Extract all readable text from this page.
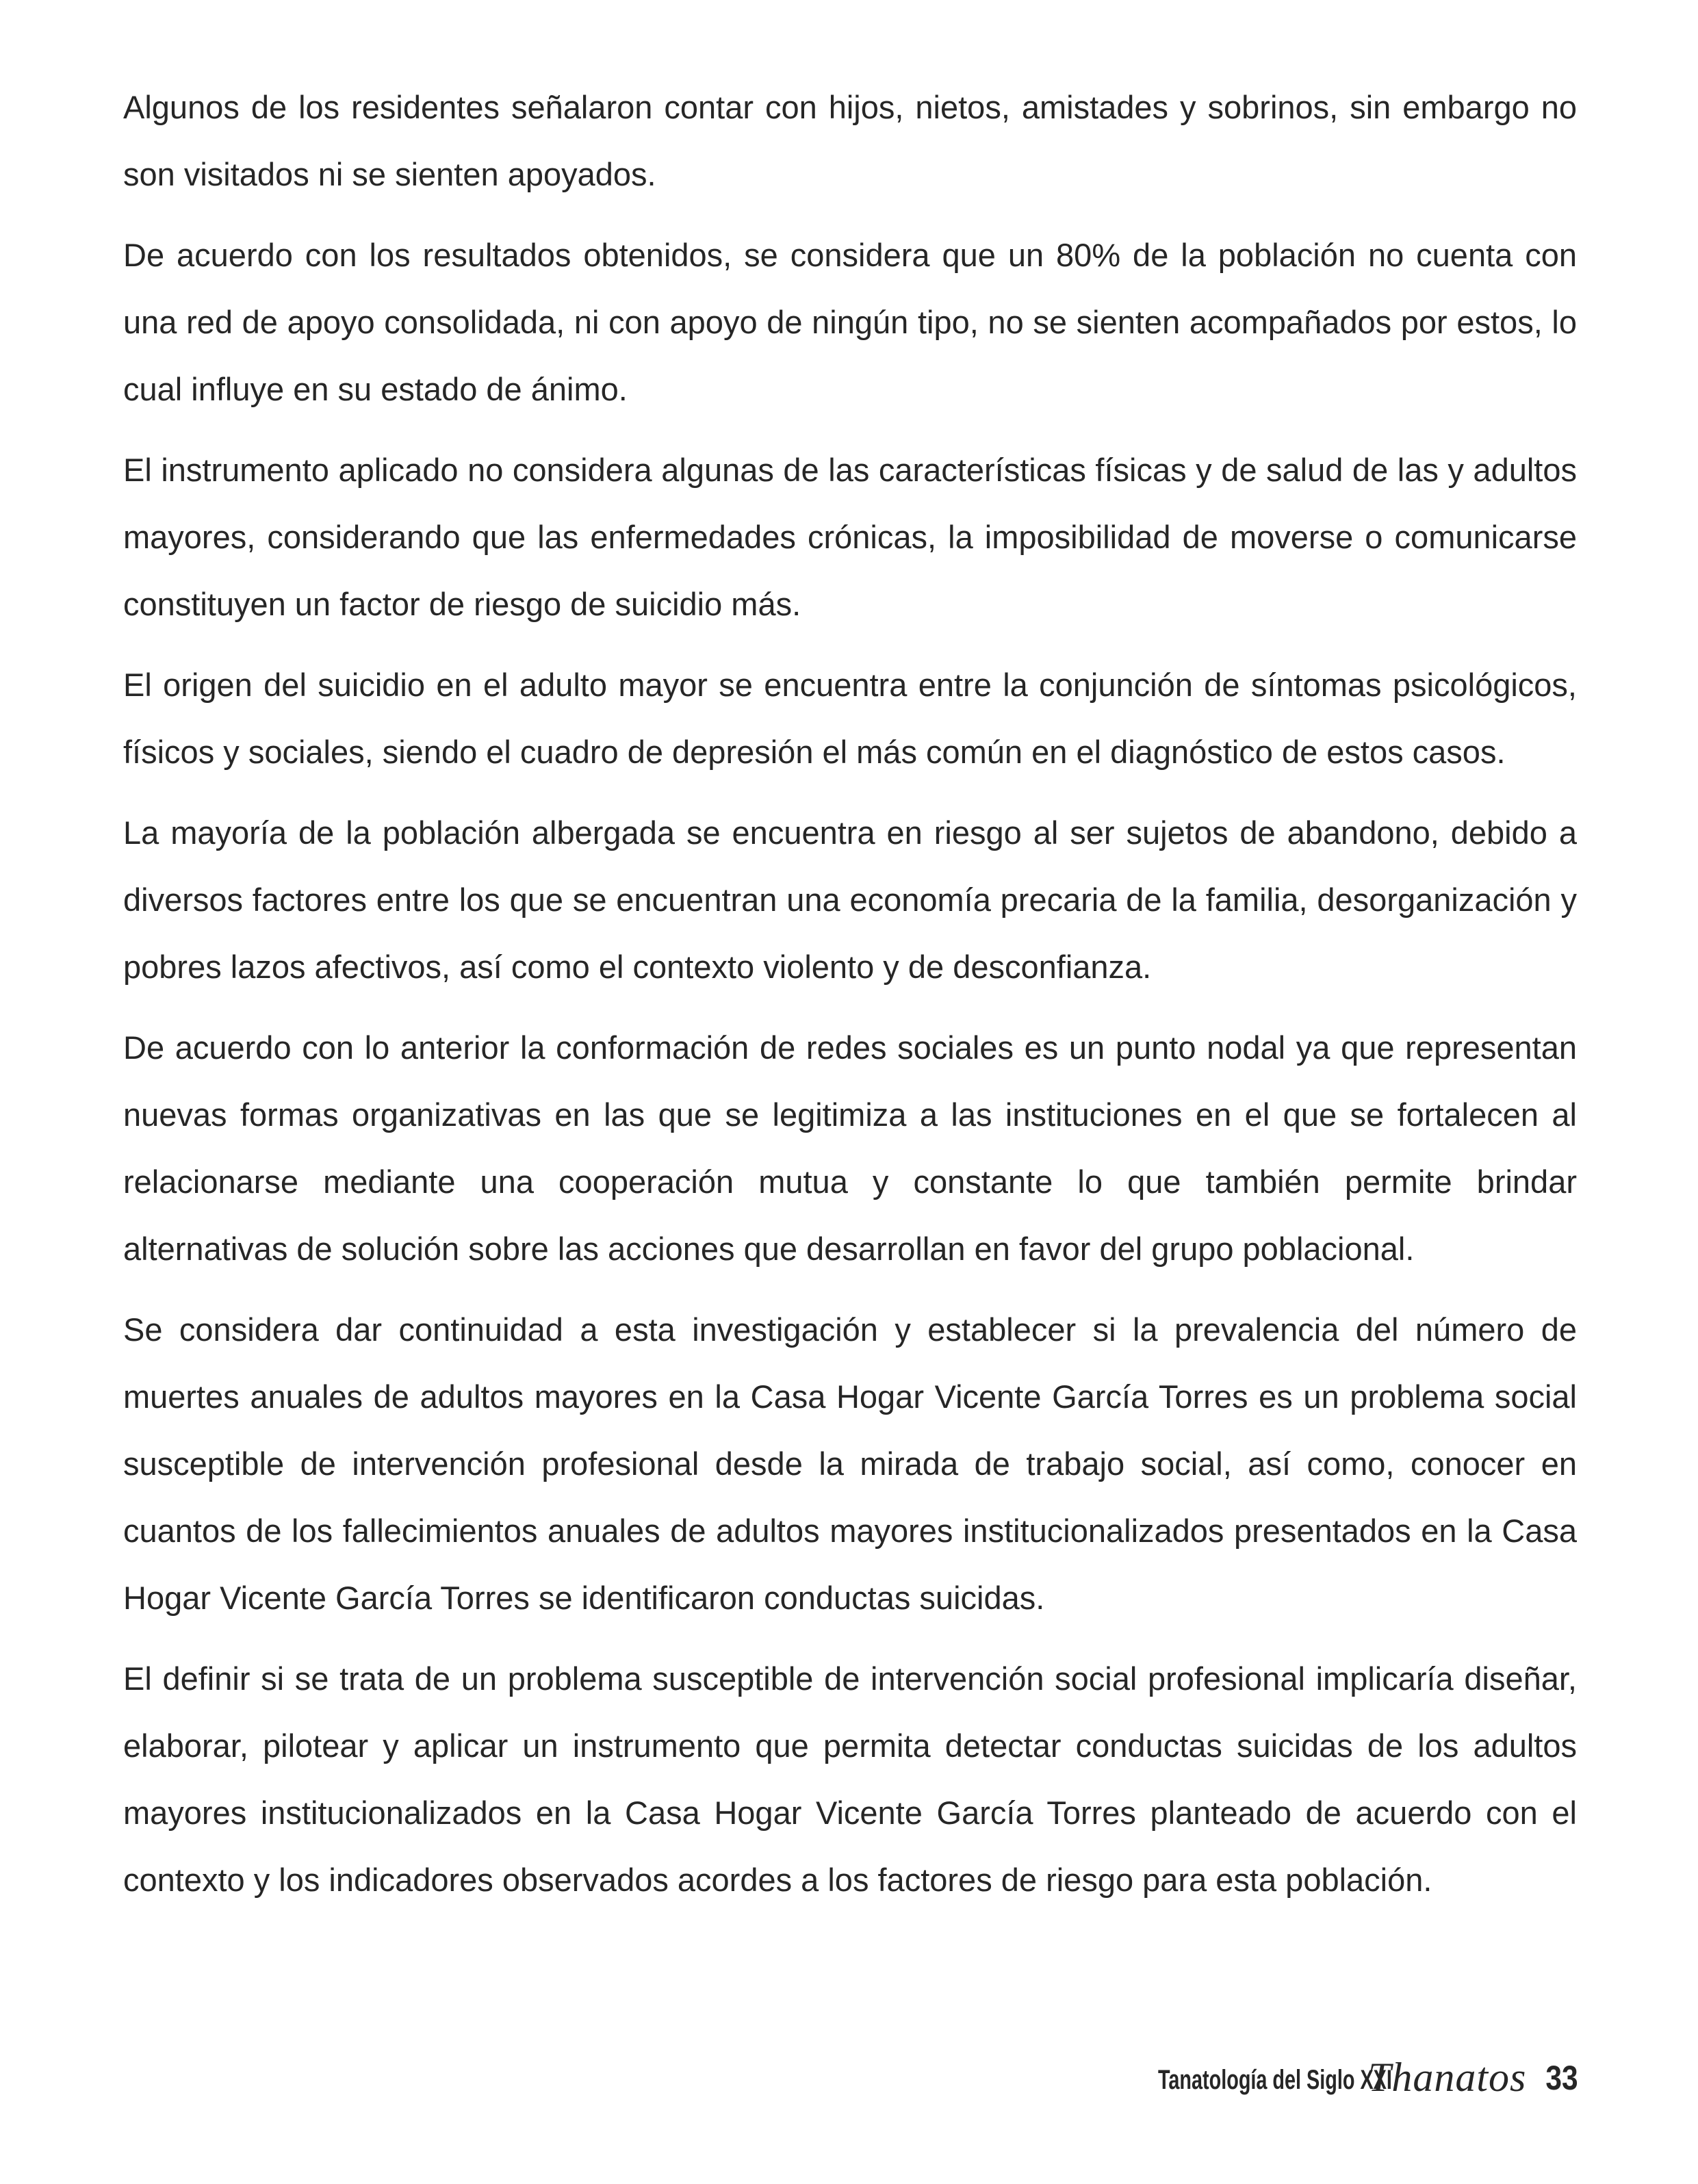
Algunos de los residentes señalaron contar con hijos, nietos, amistades y sobrinos, sin embargo no son visitados ni se sienten apoyados.

De acuerdo con los resultados obtenidos, se considera que un 80% de la población no cuenta con una red de apoyo consolidada, ni con apoyo de ningún tipo, no se sienten acompañados por estos, lo cual influye en su estado de ánimo.

El instrumento aplicado no considera algunas de las características físicas y de salud de las y adultos mayores, considerando que las enfermedades crónicas, la imposibilidad de moverse o comunicarse constituyen un factor de riesgo de suicidio más.

El origen del suicidio en el adulto mayor se encuentra entre la conjunción de síntomas psicológicos, físicos y sociales, siendo el cuadro de depresión el más común en el diagnóstico de estos casos.

La mayoría de la población albergada se encuentra en riesgo al ser sujetos de abandono, debido a diversos factores entre los que se encuentran una economía precaria de la familia, desorganización y pobres lazos afectivos, así como el contexto violento y de desconfianza.

De acuerdo con lo anterior la conformación de redes sociales es un punto nodal ya que representan nuevas formas organizativas en las que se legitimiza a las instituciones en el que se fortalecen al relacionarse mediante una cooperación mutua y constante lo que también permite brindar alternativas de solución sobre las acciones que desarrollan en favor del grupo poblacional.

Se considera dar continuidad a esta investigación y establecer si la prevalencia del número de muertes anuales de adultos mayores en la Casa Hogar Vicente García Torres es un problema social susceptible de intervención profesional desde la mirada de trabajo social, así como, conocer en cuantos de los fallecimientos anuales de adultos mayores institucionalizados presentados en la Casa Hogar Vicente García Torres se identificaron conductas suicidas.

El definir si se trata de un problema susceptible de intervención social profesional implicaría diseñar, elaborar, pilotear y aplicar un instrumento que permita detectar conductas suicidas de los adultos mayores institucionalizados en la Casa Hogar Vicente García Torres planteado de acuerdo con el contexto y los indicadores observados acordes a los factores de riesgo para esta población.

Tanatología del Siglo XXI
Thanatos 33
